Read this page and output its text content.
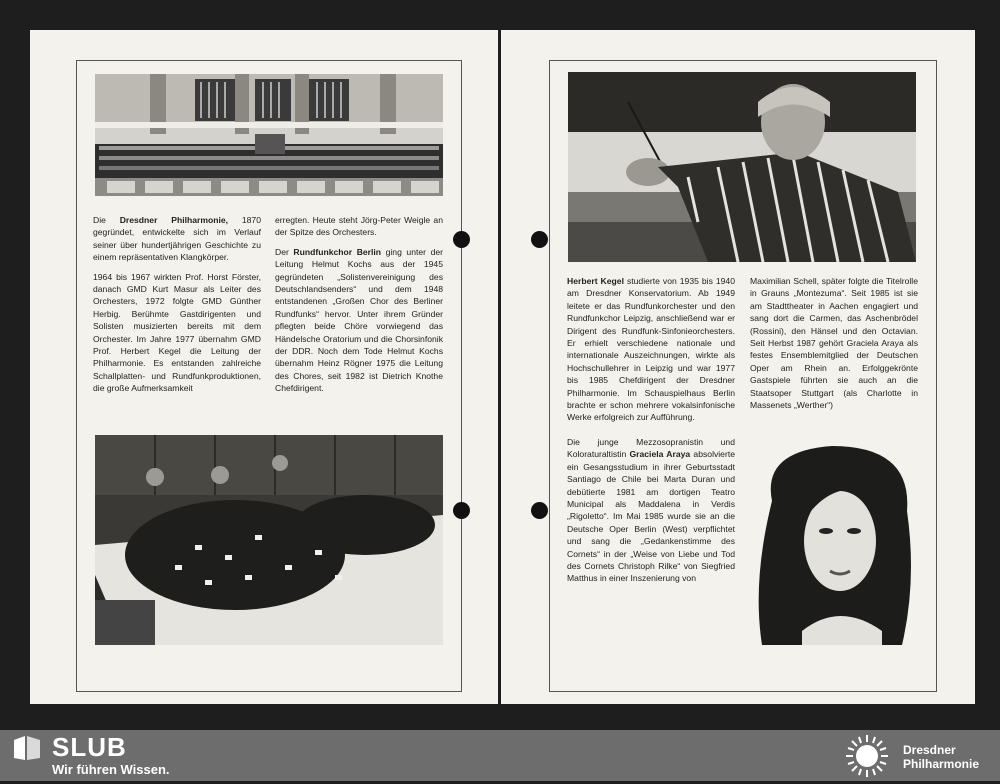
Die Dresdner Philharmonie, 1870 gegründet, entwickelte sich im Verlauf seiner über hundertjährigen Geschichte zu einem repräsentativen Klangkörper.

1964 bis 1967 wirkten Prof. Horst Förster, danach GMD Kurt Masur als Leiter des Orchesters, 1972 folgte GMD Günther Herbig. Berühmte Gastdirigenten und Solisten musizierten bereits mit dem Orchester. Im Jahre 1977 übernahm GMD Prof. Herbert Kegel die Leitung der Philharmonie. Es entstanden zahlreiche Schallplatten- und Rundfunkproduktionen, die große Aufmerksamkeit

erregten. Heute steht Jörg-Peter Weigle an der Spitze des Orchesters.

Der Rundfunkchor Berlin ging unter der Leitung Helmut Kochs aus der 1945 gegründeten „Solistenvereinigung des Deutschlandsenders“ und dem 1948 entstandenen „Großen Chor des Berliner Rundfunks“ hervor. Unter ihrem Gründer pflegten beide Chöre vorwiegend das Händelsche Oratorium und die Chorsinfonik der DDR. Noch dem Tode Helmut Kochs übernahm Heinz Rögner 1975 die Leitung des Chores, seit 1982 ist Dietrich Knothe Chefdirigent.

Herbert Kegel studierte von 1935 bis 1940 am Dresdner Konservatorium. Ab 1949 leitete er das Rundfunkorchester und den Rundfunkchor Leipzig, anschließend war er Dirigent des Rundfunk-Sinfonieorchesters. Er erhielt verschiedene nationale und internationale Auszeichnungen, wirkte als Hochschullehrer in Leipzig und war 1977 bis 1985 Chefdirigent der Dresdner Philharmonie. Im Schauspielhaus Berlin brachte er schon mehrere vokalsinfonische Werke erfolgreich zur Aufführung.

Die junge Mezzosopranistin und Koloraturaltistin Graciela Araya absolvierte ein Gesangsstudium in ihrer Geburtsstadt Santiago de Chile bei Marta Duran und debütierte 1981 am dortigen Teatro Municipal als Maddalena in Verdis „Rigoletto“. Im Mai 1985 wurde sie an die Deutsche Oper Berlin (West) verpflichtet und sang die „Gedankenstimme des Cornets“ in der „Weise von Liebe und Tod des Cornets Christoph Rilke“ von Siegfried Matthus in einer Inszenierung von

Maximilian Schell, später folgte die Titelrolle in Grauns „Montezuma“. Seit 1985 ist sie am Stadttheater in Aachen engagiert und sang dort die Carmen, das Aschenbrödel (Rossini), den Hänsel und den Octavian. Seit Herbst 1987 gehört Graciela Araya als festes Ensemblemitglied der Deutschen Oper am Rhein an. Erfolggekrönte Gastspiele führten sie auch an die Staatsoper Stuttgart (als Charlotte in Massenets „Werther“)

SLUB
Wir führen Wissen.
Dresdner
Philharmonie
